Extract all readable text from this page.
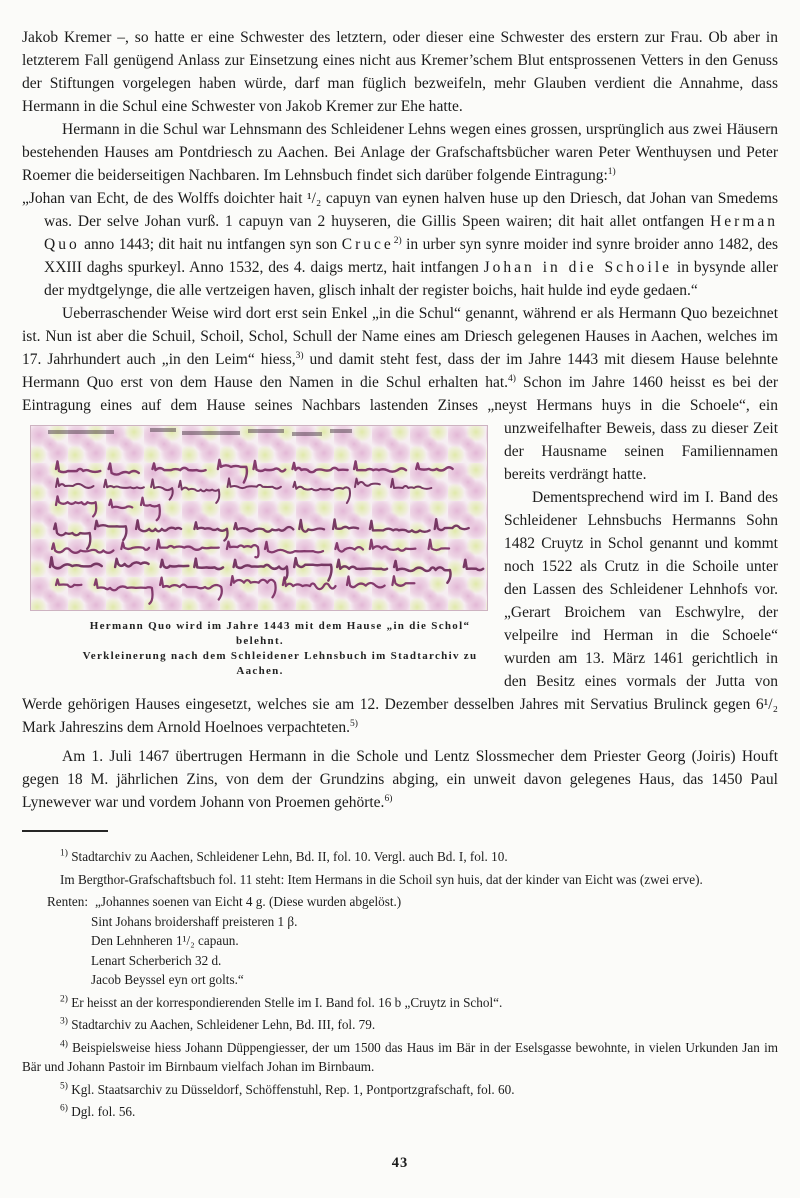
Jakob Kremer –, so hatte er eine Schwester des letztern, oder dieser eine Schwester des erstern zur Frau. Ob aber in letzterem Fall genügend Anlass zur Einsetzung eines nicht aus Kremer’schem Blut entsprossenen Vetters in den Genuss der Stiftungen vorgelegen haben würde, darf man füglich bezweifeln, mehr Glauben verdient die Annahme, dass Hermann in die Schul eine Schwester von Jakob Kremer zur Ehe hatte.

Hermann in die Schul war Lehnsmann des Schleidener Lehns wegen eines grossen, ursprünglich aus zwei Häusern bestehenden Hauses am Pontdriesch zu Aachen. Bei Anlage der Grafschaftsbücher waren Peter Wenthuysen und Peter Roemer die beiderseitigen Nachbaren. Im Lehnsbuch findet sich darüber folgende Eintragung:$^{1)}$

„Johan van Echt, de des Wolffs doichter hait ¹/₂ capuyn van eynen halven huse up den Driesch, dat Johan van Smedems was. Der selve Johan vurß. 1 capuyn van 2 huyseren, die Gillis Speen wairen; dit hait allet ontfangen Herman Quo anno 1443; dit hait nu intfangen syn son Cruce$^{2)}$ in urber syn synre moider ind synre broider anno 1482, des XXIII daghs spurkeyl. Anno 1532, des 4. daigs mertz, hait intfangen Johan in die Schoile in bysynde aller der mydtgelynge, die alle vertzeigen haven, glisch inhalt der register boichs, hait hulde ind eyde gedaen.“

Ueberraschender Weise wird dort erst sein Enkel „in die Schul“ genannt, während er als Hermann Quo bezeichnet ist. Nun ist aber die Schuil, Schoil, Schol, Schull der Name eines am Driesch gelegenen Hauses in Aachen, welches im 17. Jahrhundert auch „in den Leim“ hiess,$^{3)}$ und damit steht fest, dass der im Jahre 1443 mit diesem Hause belehnte Hermann Quo erst von dem Hause den Namen in die Schul erhalten hat.$^{4)}$ Schon im Jahre 1460 heisst es bei der Eintragung eines auf dem Hause seines Nachbars
Hermann Quo wird im Jahre 1443 mit dem Hause „in die Schol“ belehnt.
Verkleinerung nach dem Schleidener Lehnsbuch im Stadtarchiv zu Aachen.
lastenden Zinses „neyst Hermans huys in die Schoele“, ein unzweifelhafter Beweis, dass zu dieser Zeit der Hausname seinen Familiennamen bereits verdrängt hatte.

Dementsprechend wird im I. Band des Schleidener Lehnsbuchs Hermanns Sohn 1482 Cruytz in Schol genannt und kommt noch 1522 als Crutz in die Schoile unter den Lassen des Schleidener Lehnhofs vor. „Gerart Broichem van Eschwylre, der velpeilre ind Herman in die Schoele“ wurden am 13. März 1461 gerichtlich in den Besitz eines vormals der Jutta von Werde gehörigen Hauses eingesetzt, welches sie am 12. Dezember desselben Jahres mit Servatius Brulinck gegen 6¹/₂ Mark Jahreszins dem Arnold Hoelnoes verpachteten.$^{5)}$

Am 1. Juli 1467 übertrugen Hermann in die Schole und Lentz Slossmecher dem Priester Georg (Joiris) Houft gegen 18 M. jährlichen Zins, von dem der Grundzins abging, ein unweit davon gelegenes Haus, das 1450 Paul Lynewever war und vordem Johann von Proemen gehörte.$^{6)}$

$^{1)}$ Stadtarchiv zu Aachen, Schleidener Lehn, Bd. II, fol. 10. Vergl. auch Bd. I, fol. 10.

Im Bergthor-Grafschaftsbuch fol. 11 steht: Item Hermans in die Schoil syn huis, dat der kinder van Eicht was (zwei erve).

Renten: „Johannes soenen van Eicht 4 g. (Diese wurden abgelöst.)
Sint Johans broidershaff preisteren 1 β.
Den Lehnheren 1¹/₂ capaun.
Lenart Scherberich 32 d.
Jacob Beyssel eyn ort golts.“

$^{2)}$ Er heisst an der korrespondierenden Stelle im I. Band fol. 16 b „Cruytz in Schol“.

$^{3)}$ Stadtarchiv zu Aachen, Schleidener Lehn, Bd. III, fol. 79.

$^{4)}$ Beispielsweise hiess Johann Düppengiesser, der um 1500 das Haus im Bär in der Eselsgasse bewohnte, in vielen Urkunden Jan im Bär und Johann Pastoir im Birnbaum vielfach Johan im Birnbaum.

$^{5)}$ Kgl. Staatsarchiv zu Düsseldorf, Schöffenstuhl, Rep. 1, Pontportzgrafschaft, fol. 60.

$^{6)}$ Dgl. fol. 56.

43
